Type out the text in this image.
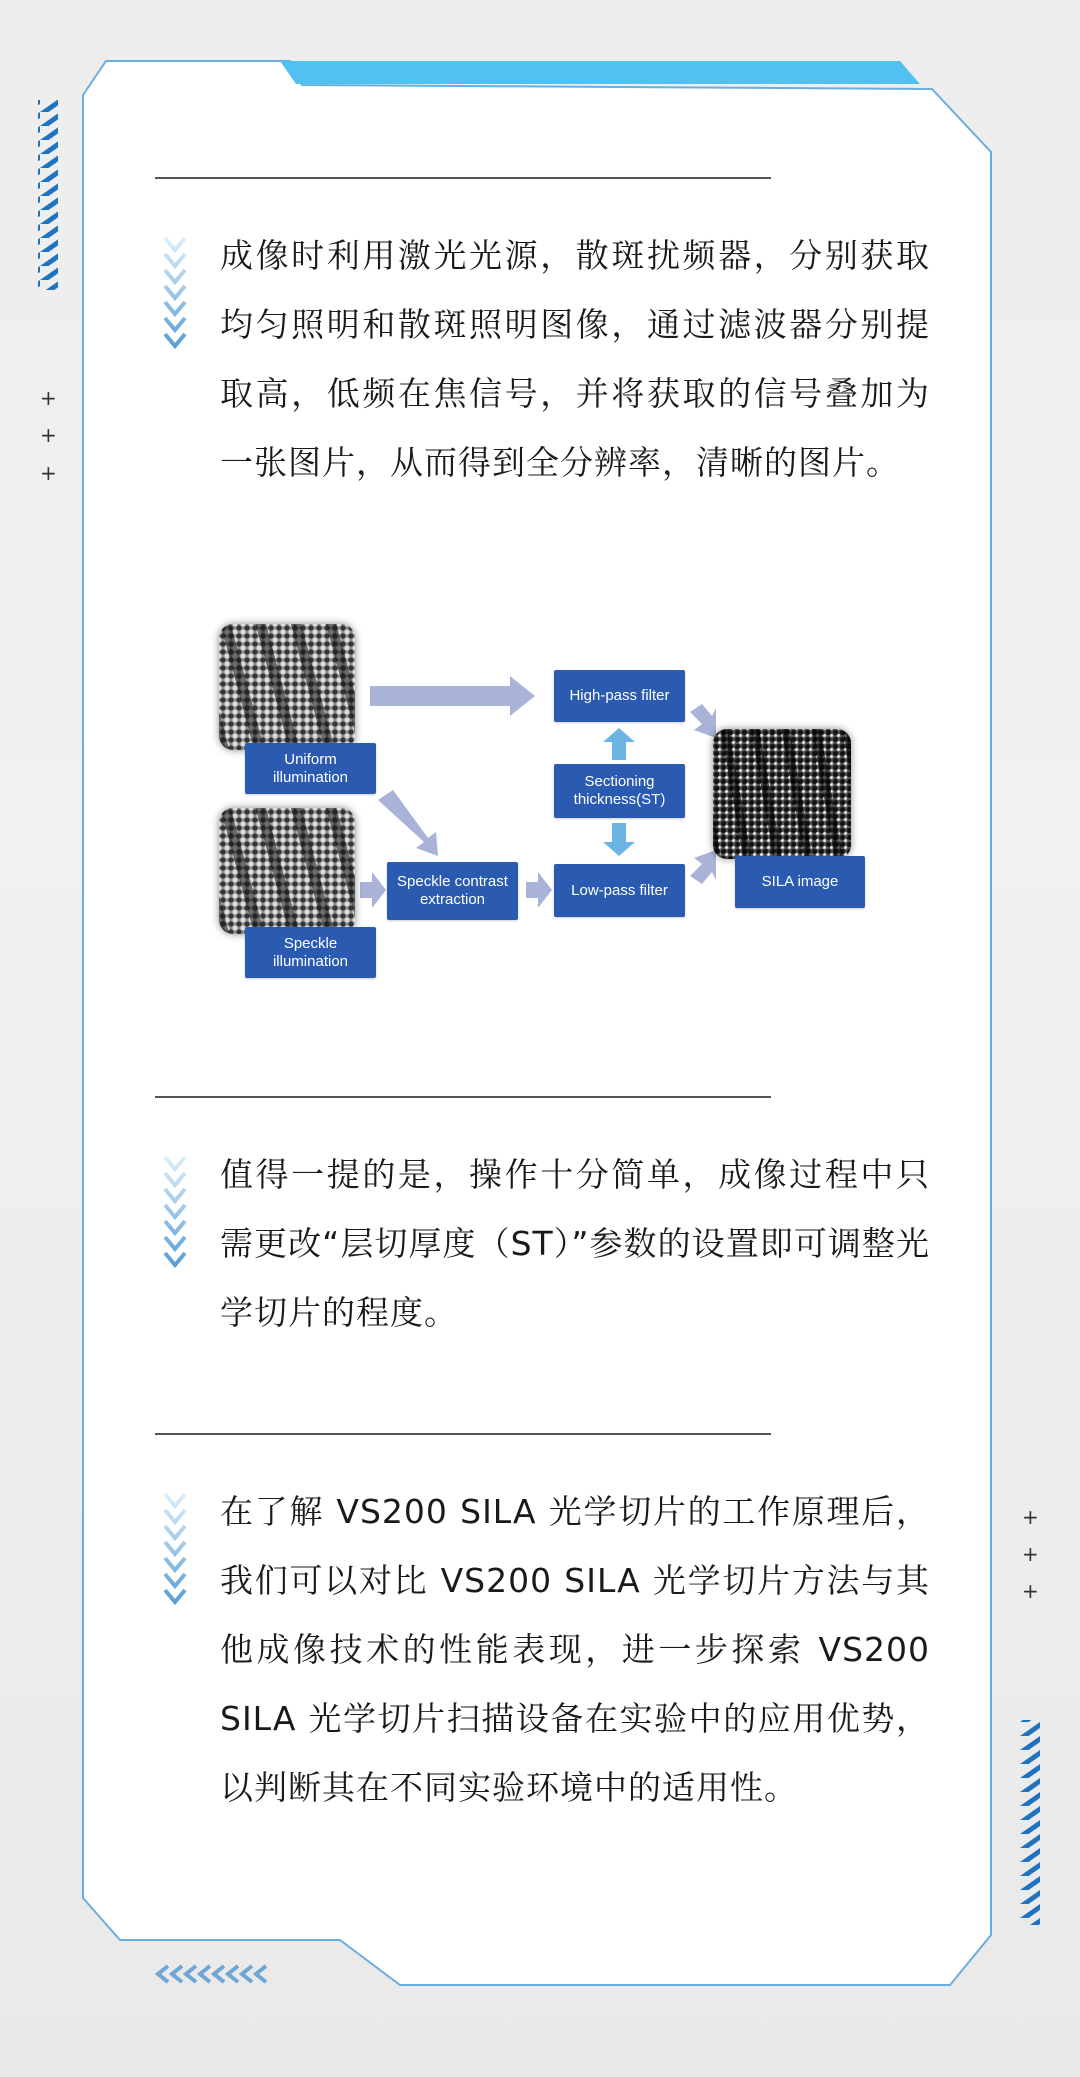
+
+
+
+
+
+
成像时利用激光光源，散斑扰频器，分别获取均匀照明和散斑照明图像，通过滤波器分别提取高，低频在焦信号，并将获取的信号叠加为一张图片，从而得到全分辨率，清晰的图片。
Uniform illumination
Speckle illumination
Speckle contrast extraction
High-pass filter
Sectioning thickness(ST)
Low-pass filter	SILA image
值得一提的是，操作十分简单，成像过程中只需更改“层切厚度（ST）”参数的设置即可调整光学切片的程度。
在了解 VS200 SILA 光学切片的工作原理后，我们可以对比 VS200 SILA 光学切片方法与其他成像技术的性能表现，进一步探索 VS200 SILA 光学切片扫描设备在实验中的应用优势，以判断其在不同实验环境中的适用性。
